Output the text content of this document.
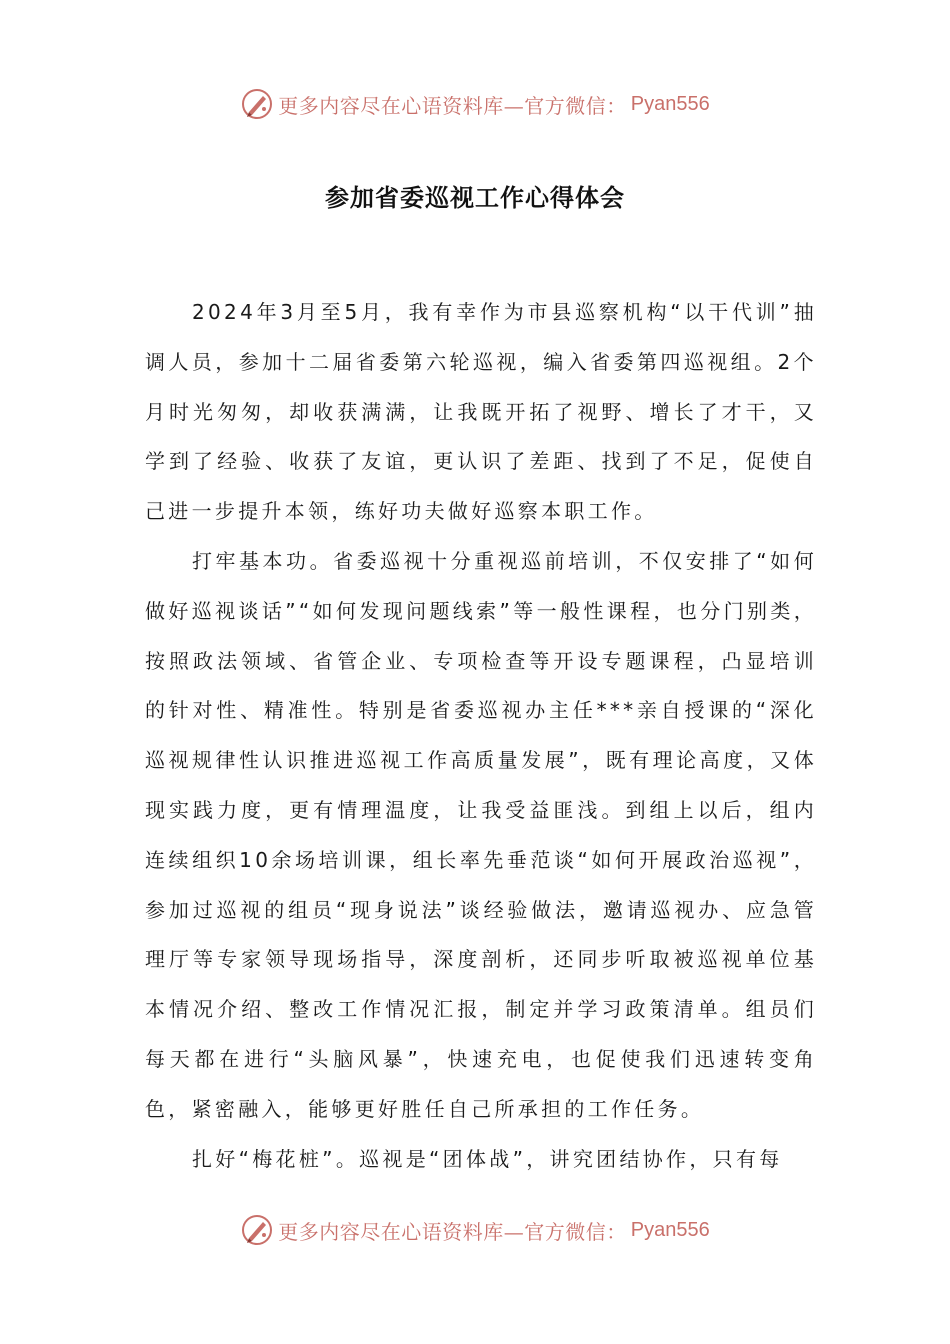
更多内容尽在心语资料库—官方微信： Pyan556
参加省委巡视工作心得体会

2024年3月至5月，我有幸作为市县巡察机构“以干代训”抽调人员，参加十二届省委第六轮巡视，编入省委第四巡视组。2个月时光匆匆，却收获满满，让我既开拓了视野、增长了才干，又学到了经验、收获了友谊，更认识了差距、找到了不足，促使自己进一步提升本领，练好功夫做好巡察本职工作。

打牢基本功。省委巡视十分重视巡前培训，不仅安排了“如何做好巡视谈话”“如何发现问题线索”等一般性课程，也分门别类，按照政法领域、省管企业、专项检查等开设专题课程，凸显培训的针对性、精准性。特别是省委巡视办主任***亲自授课的“深化巡视规律性认识推进巡视工作高质量发展”，既有理论高度，又体现实践力度，更有情理温度，让我受益匪浅。到组上以后，组内连续组织10余场培训课，组长率先垂范谈“如何开展政治巡视”，参加过巡视的组员“现身说法”谈经验做法，邀请巡视办、应急管理厅等专家领导现场指导，深度剖析，还同步听取被巡视单位基本情况介绍、整改工作情况汇报，制定并学习政策清单。组员们每天都在进行“头脑风暴”，快速充电，也促使我们迅速转变角色，紧密融入，能够更好胜任自己所承担的工作任务。

扎好“梅花桩”。巡视是“团体战”，讲究团结协作，只有每

更多内容尽在心语资料库—官方微信： Pyan556
